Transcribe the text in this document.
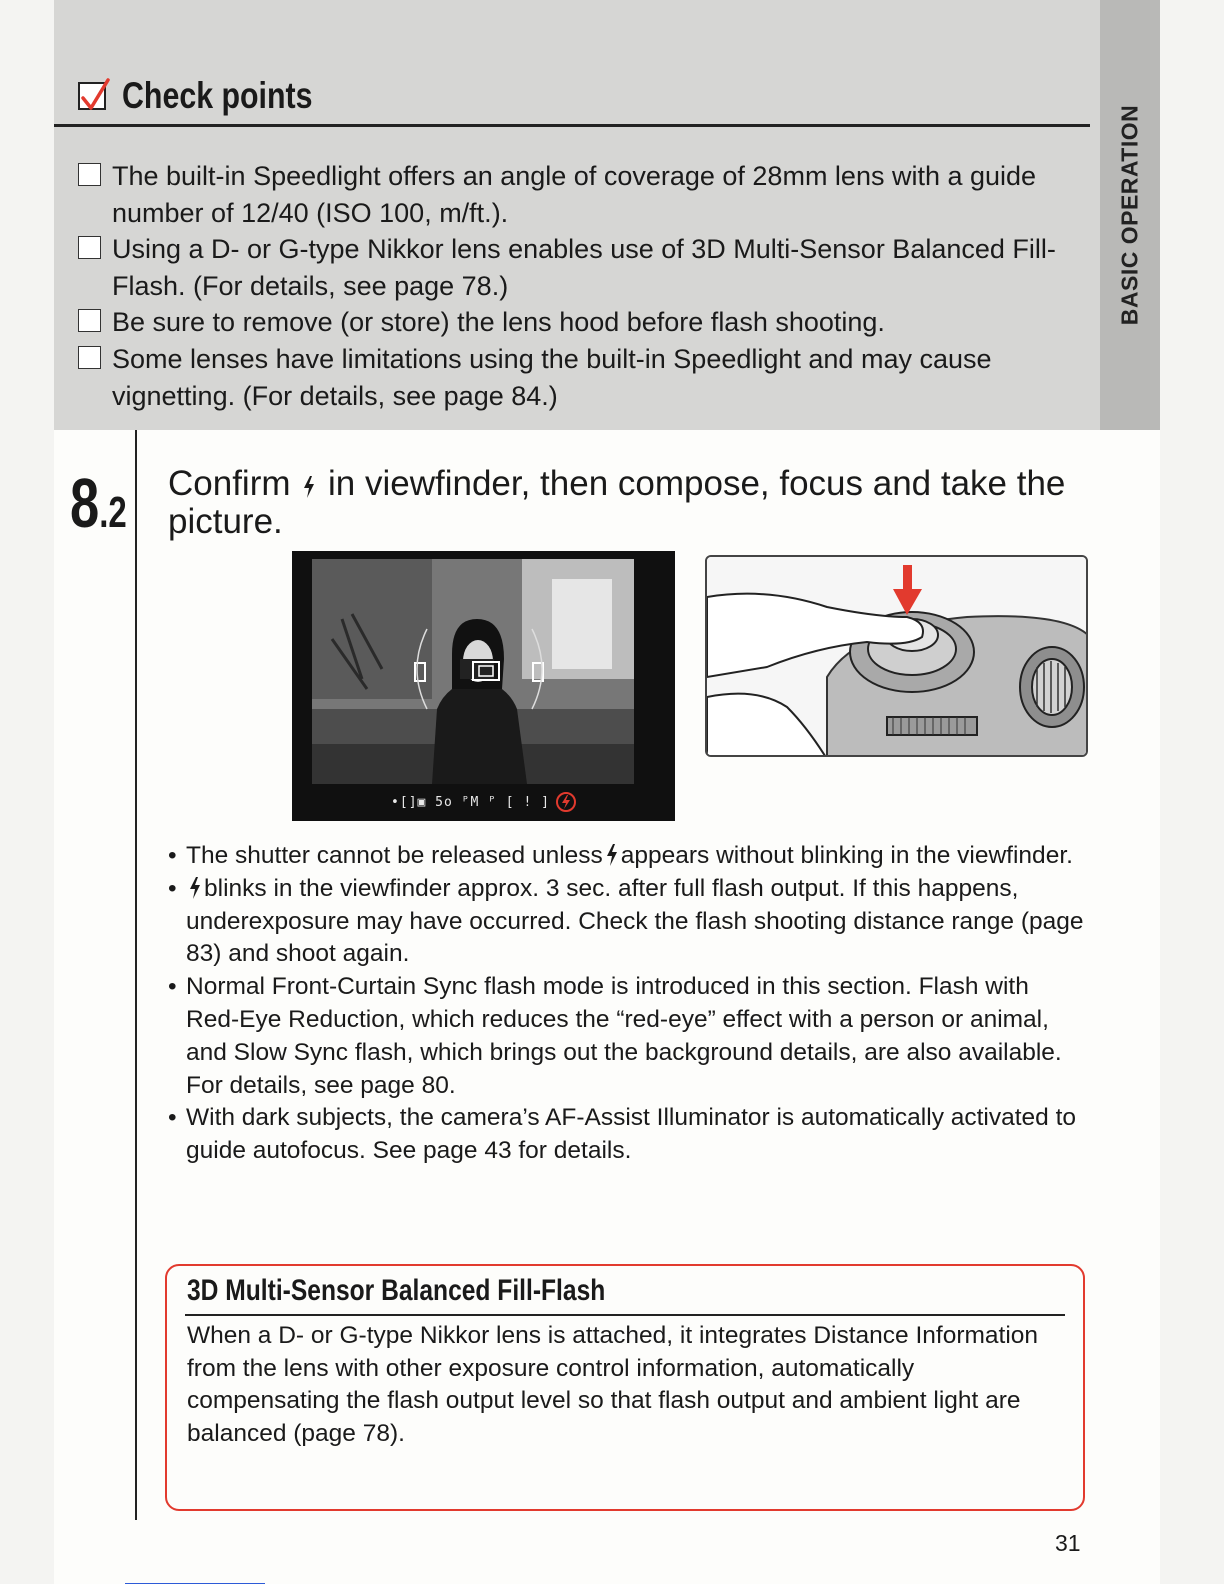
BASIC OPERATION
Check points
The built-in Speedlight offers an angle of coverage of 28mm lens with a guide number of 12/40 (ISO 100, m/ft.).
Using a D- or G-type Nikkor lens enables use of 3D Multi-Sensor Balanced Fill-Flash. (For details, see page 78.)
Be sure to remove (or store) the lens hood before flash shooting.
Some lenses have limitations using the built-in Speedlight and may cause vignetting. (For details, see page 84.)
8.2
Confirm in viewfinder, then compose, focus and take the picture.
•[]▣ 5o ᴾM ᴾ [ ! ]
• The shutter cannot be released unless appears without blinking in the viewfinder.
• blinks in the viewfinder approx. 3 sec. after full flash output. If this happens, underexposure may have occurred. Check the flash shooting distance range (page 83) and shoot again.
• Normal Front-Curtain Sync flash mode is introduced in this section. Flash with Red-Eye Reduction, which reduces the “red-eye” effect with a person or animal, and Slow Sync flash, which brings out the background details, are also available. For details, see page 80.
• With dark subjects, the camera’s AF-Assist Illuminator is automatically activated to guide autofocus. See page 43 for details.
3D Multi-Sensor Balanced Fill-Flash
When a D- or G-type Nikkor lens is attached, it integrates Distance Information from the lens with other exposure control information, automatically compensating the flash output level so that flash output and ambient light are balanced (page 78).
31
